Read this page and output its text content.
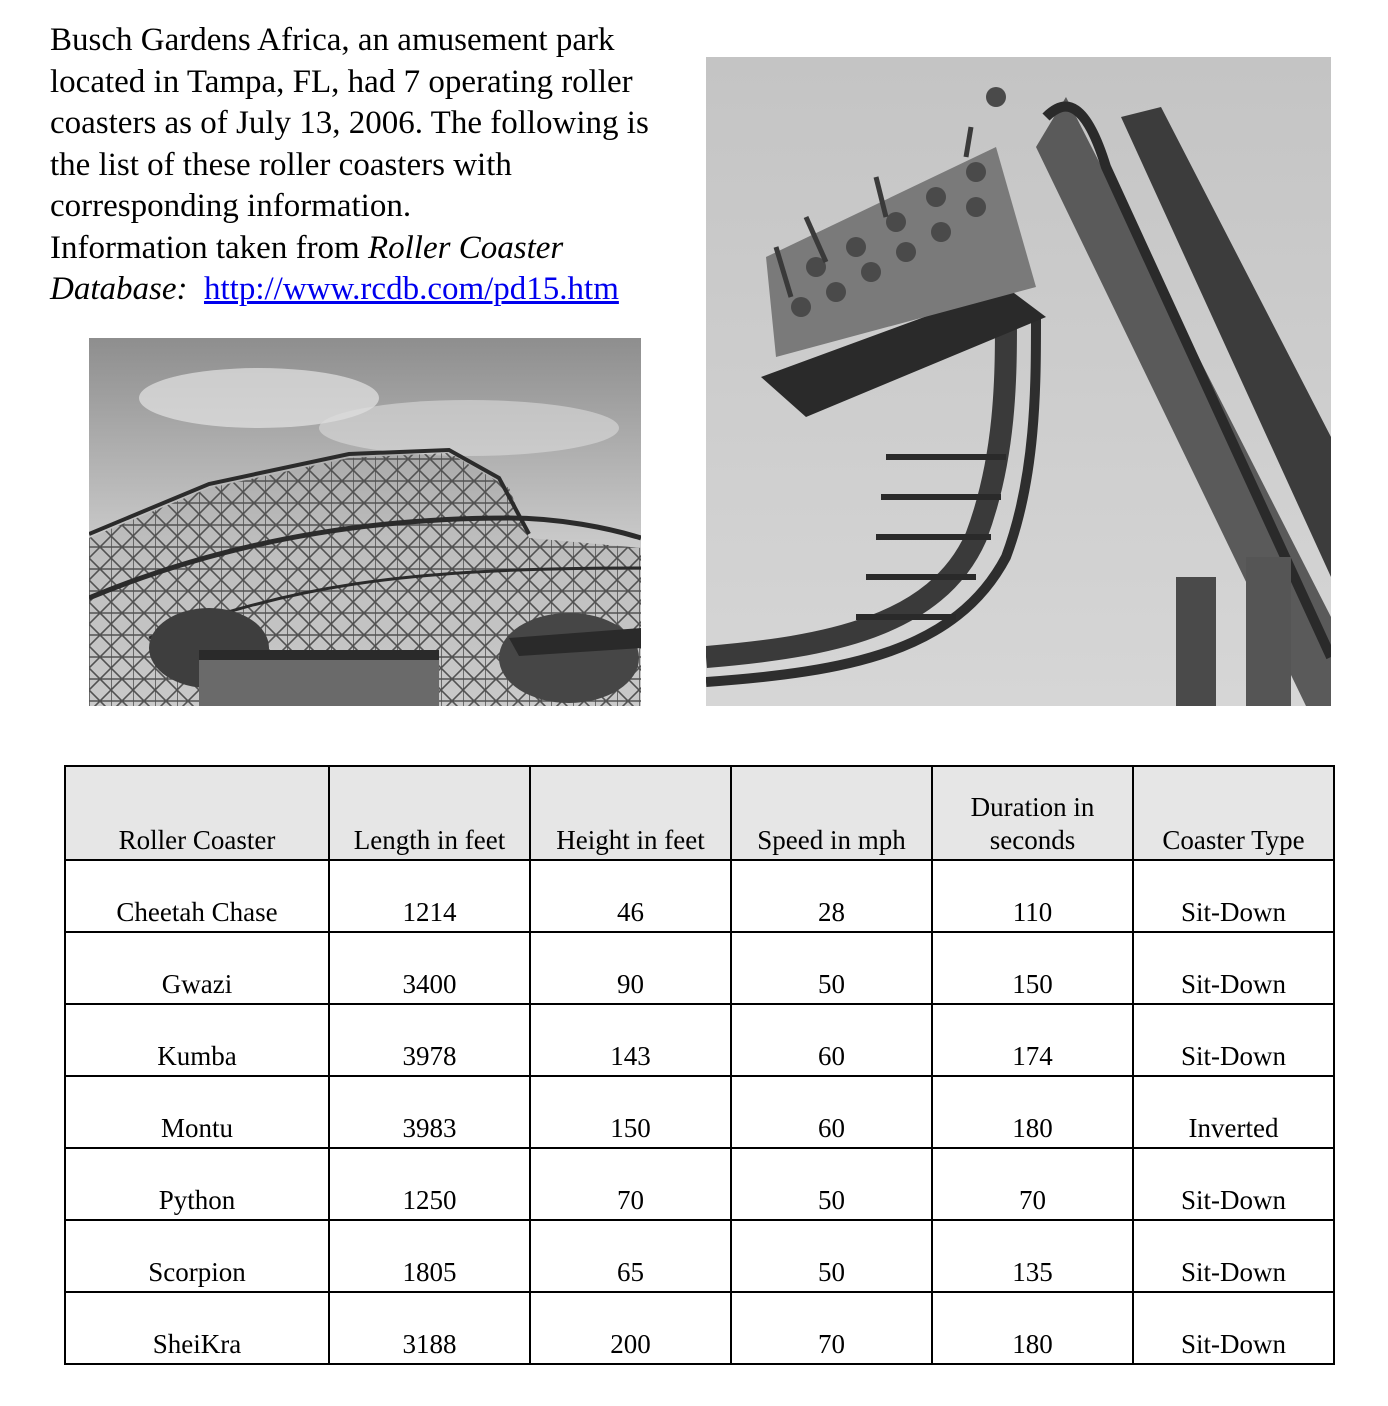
Busch Gardens Africa, an amusement park located in Tampa, FL, had 7 operating roller coasters as of July 13, 2006. The following is the list of these roller coasters with corresponding information.
Information taken from Roller Coaster Database: http://www.rcdb.com/pd15.htm

Roller Coaster	Length in feet	Height in feet	Speed in mph	Duration in seconds	Coaster Type
Cheetah Chase	1214	46	28	110	Sit-Down
Gwazi	3400	90	50	150	Sit-Down
Kumba	3978	143	60	174	Sit-Down
Montu	3983	150	60	180	Inverted
Python	1250	70	50	70	Sit-Down
Scorpion	1805	65	50	135	Sit-Down
SheiKra	3188	200	70	180	Sit-Down
